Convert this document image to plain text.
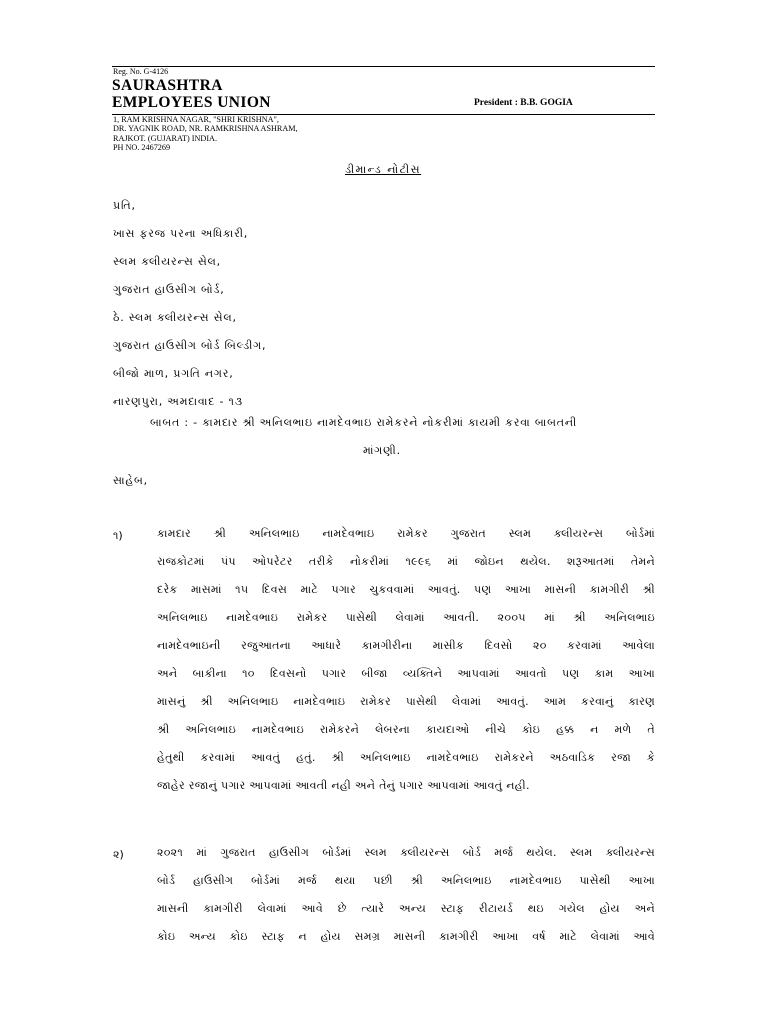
Reg. No. G-4126
SAURASHTRA
EMPLOYEES UNION	President : B.B. GOGIA
1, RAM KRISHNA NAGAR, "SHRI KRISHNA",
DR. YAGNIK ROAD, NR. RAMKRISHNA ASHRAM,
RAJKOT. (GUJARAT) INDIA.
PH NO. 2467269
ડીમાન્ડ નોટીસ
પ્રતિ,
ખાસ ફરજ પરના અધિકારી,
સ્લમ ક્લીયરન્સ સેલ,
ગુજરાત હાઉસીગ બોર્ડ,
ઠે. સ્લમ ક્લીયરન્સ સેલ,
ગુજરાત હાઉસીગ બોર્ડ બિલ્ડીગ,
બીજો માળ, પ્રગતિ નગર,
નારણપુરા, અમદાવાદ - ૧૩
બાબત : - કામદાર શ્રી અનિલભાઇ નામદેવભાઇ રામેકરને નોકરીમાં કાયમી કરવા બાબતની
માંગણી.
સાહેબ,
૧)	કામદાર શ્રી અનિલભાઇ નામદેવભાઇ રામેકર ગુજરાત સ્લમ ક્લીયરન્સ બોર્ડમાં
રાજકોટમાં પંપ ઓપરેટર તરીકે નોકરીમાં ૧૯૯૬ માં જોઇન થયેલ. શરૂઆતમાં તેમને
દરેક માસમાં ૧૫ દિવસ માટે પગાર ચુકવવામાં આવતું. પણ આખા માસની કામગીરી શ્રી
અનિલભાઇ નામદેવભાઇ રામેકર પાસેથી લેવામાં આવતી. ૨૦૦૫ માં શ્રી અનિલભાઇ
નામદેવભાઇની રજુઆતના આધારે કામગીરીના માસીક દિવસો ૨૦ કરવામાં આવેલા
અને બાકીના ૧૦ દિવસનો પગાર બીજા વ્યક્તિને આપવામાં આવતો પણ કામ આખા
માસનું શ્રી અનિલભાઇ નામદેવભાઇ રામેકર પાસેથી લેવામાં આવતું. આમ કરવાનું કારણ
શ્રી અનિલભાઇ નામદેવભાઇ રામેકરને લેબરના કાયદાઓ નીચે કોઇ હક્ક ન મળે તે
હેતુથી કરવામાં આવતું હતું. શ્રી અનિલભાઇ નામદેવભાઇ રામેકરને અઠવાડિક રજા કે
જાહેર રજાનું પગાર આપવામાં આવતી નહી અને તેનું પગાર આપવામાં આવતું નહી.
૨)	૨૦૨૧ માં ગુજરાત હાઉસીગ બોર્ડમાં સ્લમ ક્લીયરન્સ બોર્ડ મર્જ થયેલ. સ્લમ ક્લીયરન્સ
બોર્ડ હાઉસીગ બોર્ડમાં મર્જ થયા પછી શ્રી અનિલભાઇ નામદેવભાઇ પાસેથી આખા
માસની કામગીરી લેવામાં આવે છે ત્યારે અન્ય સ્ટાફ રીટાયર્ડ થઇ ગયેલ હોય અને
કોઇ અન્ય કોઇ સ્ટાફ ન હોય સમગ્ર માસની કામગીરી આખા વર્ષ માટે લેવામાં આવે
